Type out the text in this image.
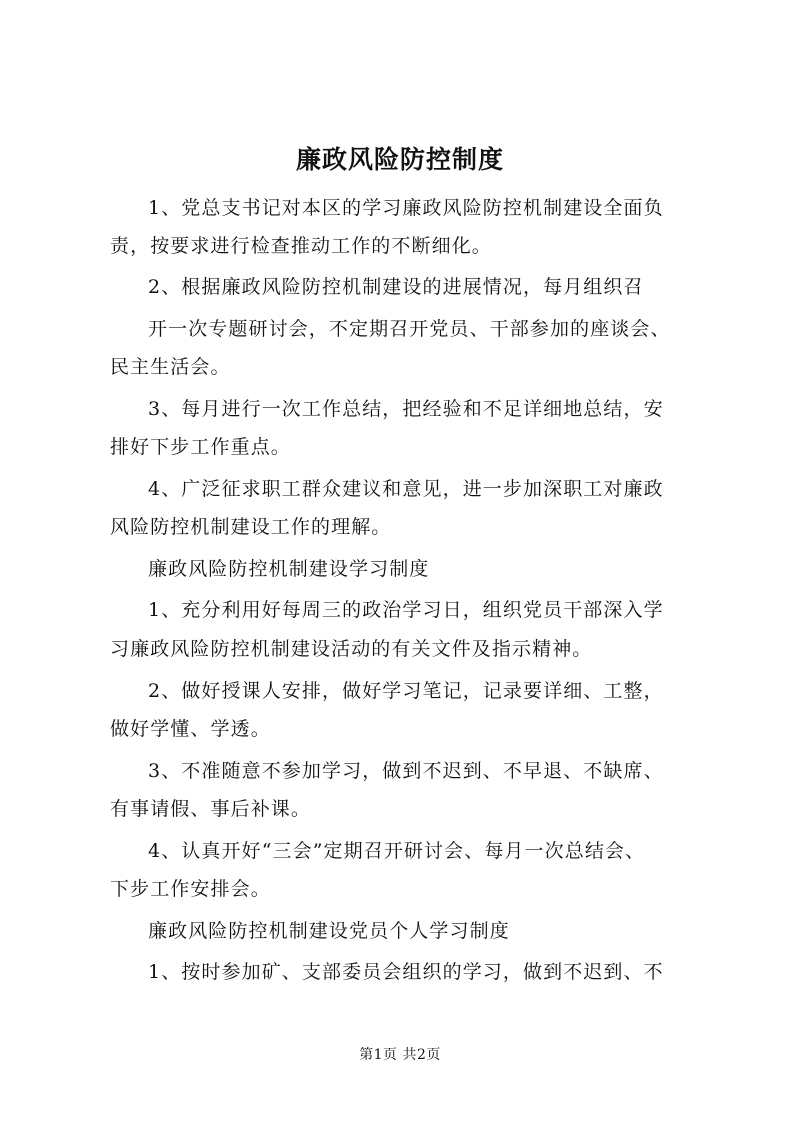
廉政风险防控制度
1、党总支书记对本区的学习廉政风险防控机制建设全面负
责，按要求进行检查推动工作的不断细化。
2、根据廉政风险防控机制建设的进展情况，每月组织召
开一次专题研讨会，不定期召开党员、干部参加的座谈会、
民主生活会。
3、每月进行一次工作总结，把经验和不足详细地总结，安
排好下步工作重点。
4、广泛征求职工群众建议和意见，进一步加深职工对廉政
风险防控机制建设工作的理解。
廉政风险防控机制建设学习制度
1、充分利用好每周三的政治学习日，组织党员干部深入学
习廉政风险防控机制建设活动的有关文件及指示精神。
2、做好授课人安排，做好学习笔记，记录要详细、工整，
做好学懂、学透。
3、不准随意不参加学习，做到不迟到、不早退、不缺席、
有事请假、事后补课。
4、认真开好“三会”定期召开研讨会、每月一次总结会、
下步工作安排会。
廉政风险防控机制建设党员个人学习制度
1、按时参加矿、支部委员会组织的学习，做到不迟到、不
第1页 共2页
